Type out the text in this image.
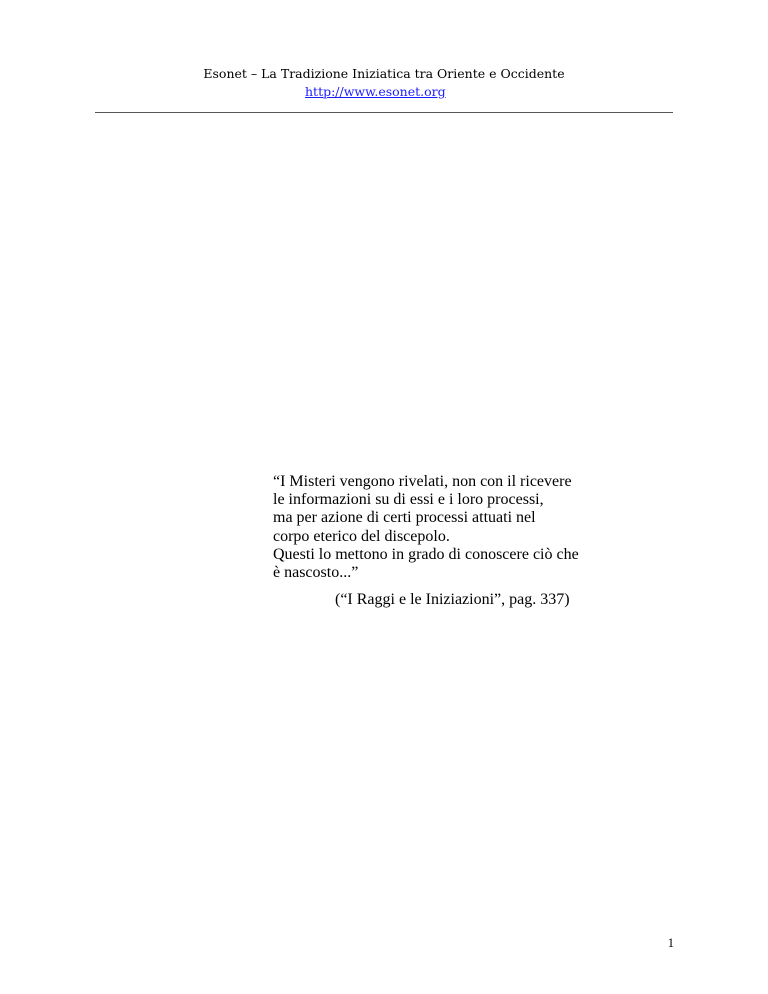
Esonet – La Tradizione Iniziatica tra Oriente e Occidente
http://www.esonet.org
“I Misteri vengono rivelati, non con il ricevere
le informazioni su di essi e i loro processi,
ma per azione di certi processi attuati nel
corpo eterico del discepolo.
Questi lo mettono in grado di conoscere ciò che
è nascosto...”
(“I Raggi e le Iniziazioni”, pag. 337)
1
